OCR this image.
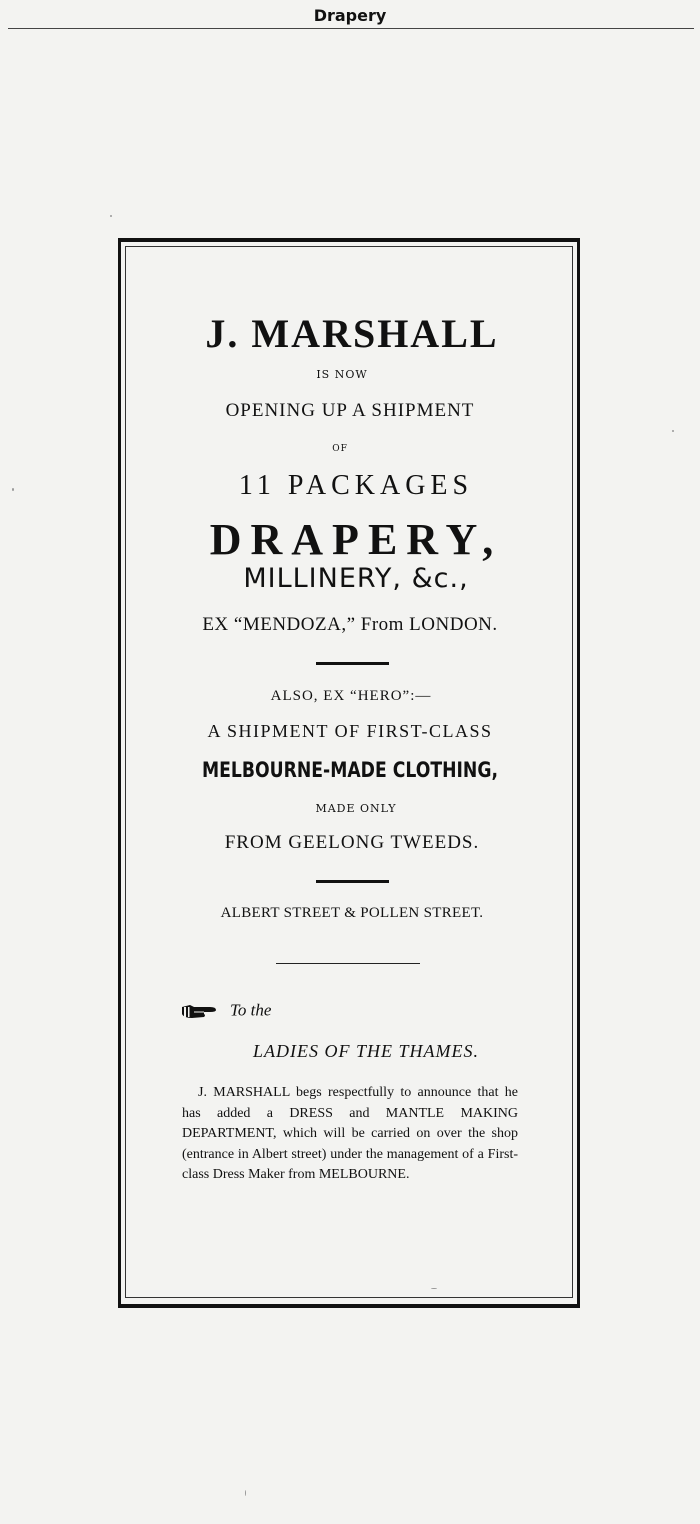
Drapery
J. MARSHALL
IS NOW
OPENING UP A SHIPMENT
OF
11 PACKAGES
DRAPERY,
MILLINERY, &c.,
EX “MENDOZA,” From LONDON.
ALSO, EX “HERO”:—
A SHIPMENT OF FIRST-CLASS
MELBOURNE-MADE CLOTHING,
MADE ONLY
FROM GEELONG TWEEDS.
ALBERT STREET & POLLEN STREET.
To the
LADIES OF THE THAMES.
J. MARSHALL begs respectfully to announce that he has added a DRESS and MANTLE MAKING DEPARTMENT, which will be carried on over the shop (entrance in Albert street) under the management of a First-class Dress Maker from MELBOURNE.
